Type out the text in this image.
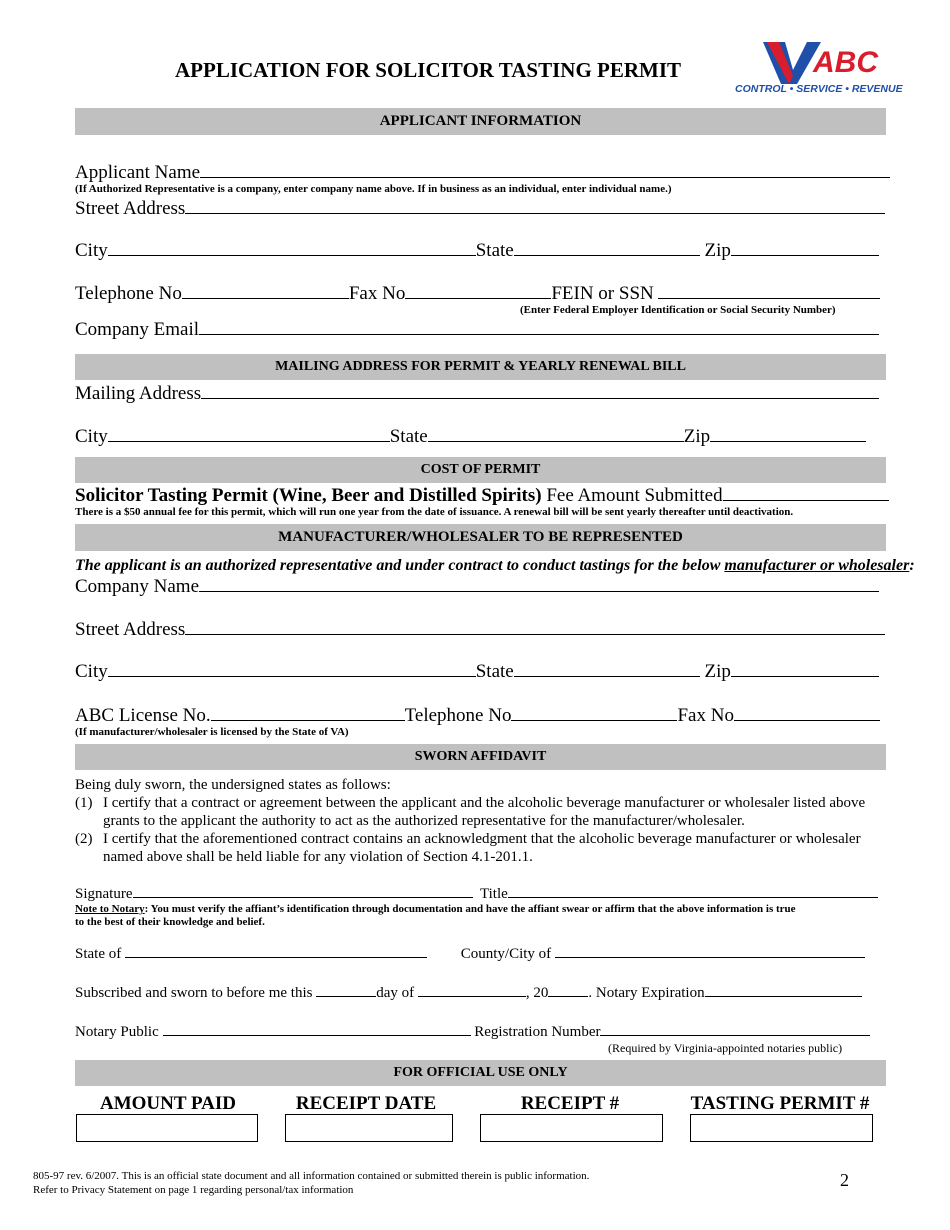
APPLICATION FOR SOLICITOR TASTING PERMIT	ABC
CONTROL • SERVICE • REVENUE
APPLICANT INFORMATION
Applicant Name
(If Authorized Representative is a company, enter company name above. If in business as an individual, enter individual name.)
Street Address
City	State	Zip
Telephone No	Fax No	FEIN or SSN
(Enter Federal Employer Identification or Social Security Number)
Company Email
MAILING ADDRESS FOR PERMIT & YEARLY RENEWAL BILL
Mailing Address
City	State	Zip
COST OF PERMIT
Solicitor Tasting Permit (Wine, Beer and Distilled Spirits) Fee Amount Submitted
There is a $50 annual fee for this permit, which will run one year from the date of issuance. A renewal bill will be sent yearly thereafter until deactivation.
MANUFACTURER/WHOLESALER TO BE REPRESENTED
The applicant is an authorized representative and under contract to conduct tastings for the below manufacturer or wholesaler:
Company Name
Street Address
City	State	Zip
ABC License No.	Telephone No	Fax No
(If manufacturer/wholesaler is licensed by the State of VA)
SWORN AFFIDAVIT
Being duly sworn, the undersigned states as follows:
(1) I certify that a contract or agreement between the applicant and the alcoholic beverage manufacturer or wholesaler listed above
grants to the applicant the authority to act as the authorized representative for the manufacturer/wholesaler.
(2) I certify that the aforementioned contract contains an acknowledgment that the alcoholic beverage manufacturer or wholesaler
named above shall be held liable for any violation of Section 4.1-201.1.
Signature	Title
Note to Notary: You must verify the affiant’s identification through documentation and have the affiant swear or affirm that the above information is true
to the best of their knowledge and belief.
State of	County/City of
Subscribed and sworn to before me this	day of	, 20	. Notary Expiration
Notary Public	Registration Number
(Required by Virginia-appointed notaries public)
FOR OFFICIAL USE ONLY
AMOUNT PAID	RECEIPT DATE	RECEIPT #	TASTING PERMIT #
805-97 rev. 6/2007. This is an official state document and all information contained or submitted therein is public information.
Refer to Privacy Statement on page 1 regarding personal/tax information	2
